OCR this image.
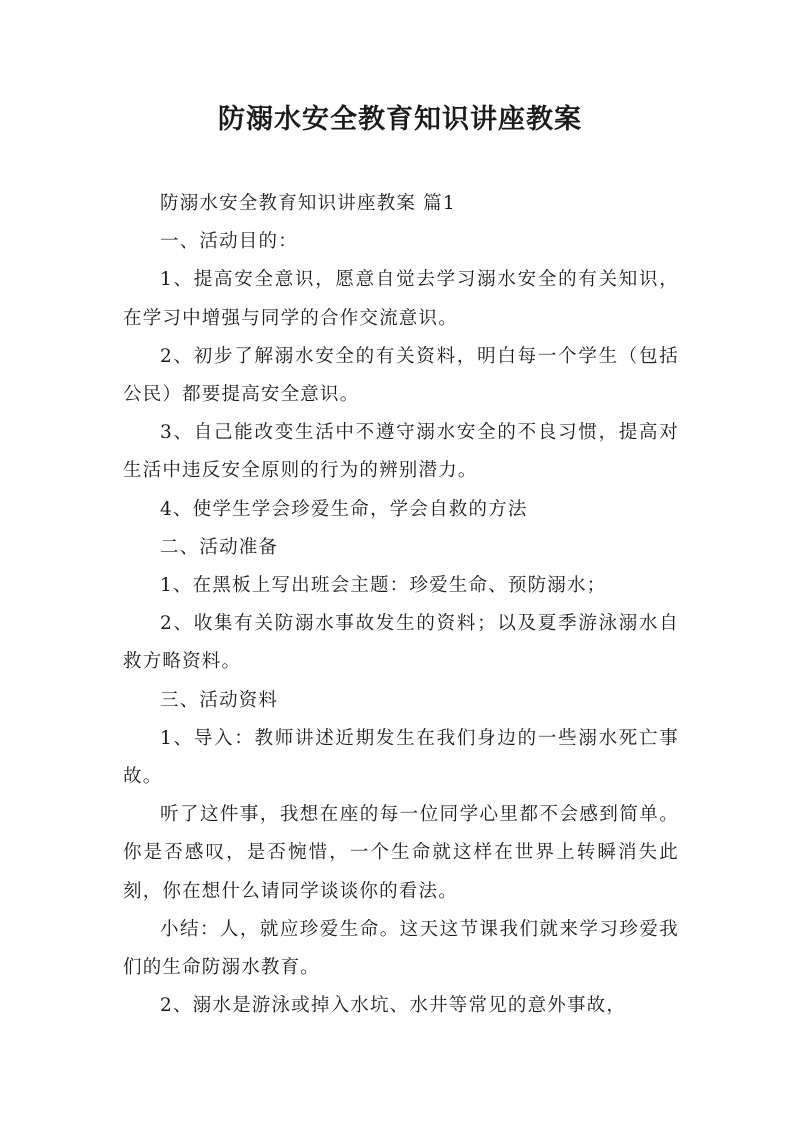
防溺水安全教育知识讲座教案

防溺水安全教育知识讲座教案 篇1

一、活动目的：

1、提高安全意识，愿意自觉去学习溺水安全的有关知识，在学习中增强与同学的合作交流意识。

2、初步了解溺水安全的有关资料，明白每一个学生（包括公民）都要提高安全意识。

3、自己能改变生活中不遵守溺水安全的不良习惯，提高对生活中违反安全原则的行为的辨别潜力。

4、使学生学会珍爱生命，学会自救的方法

二、活动准备

1、在黑板上写出班会主题：珍爱生命、预防溺水；

2、收集有关防溺水事故发生的资料；以及夏季游泳溺水自救方略资料。

三、活动资料

1、导入：教师讲述近期发生在我们身边的一些溺水死亡事故。

听了这件事，我想在座的每一位同学心里都不会感到简单。你是否感叹，是否惋惜，一个生命就这样在世界上转瞬消失此刻，你在想什么请同学谈谈你的看法。

小结：人，就应珍爱生命。这天这节课我们就来学习珍爱我们的生命防溺水教育。

2、溺水是游泳或掉入水坑、水井等常见的意外事故，
